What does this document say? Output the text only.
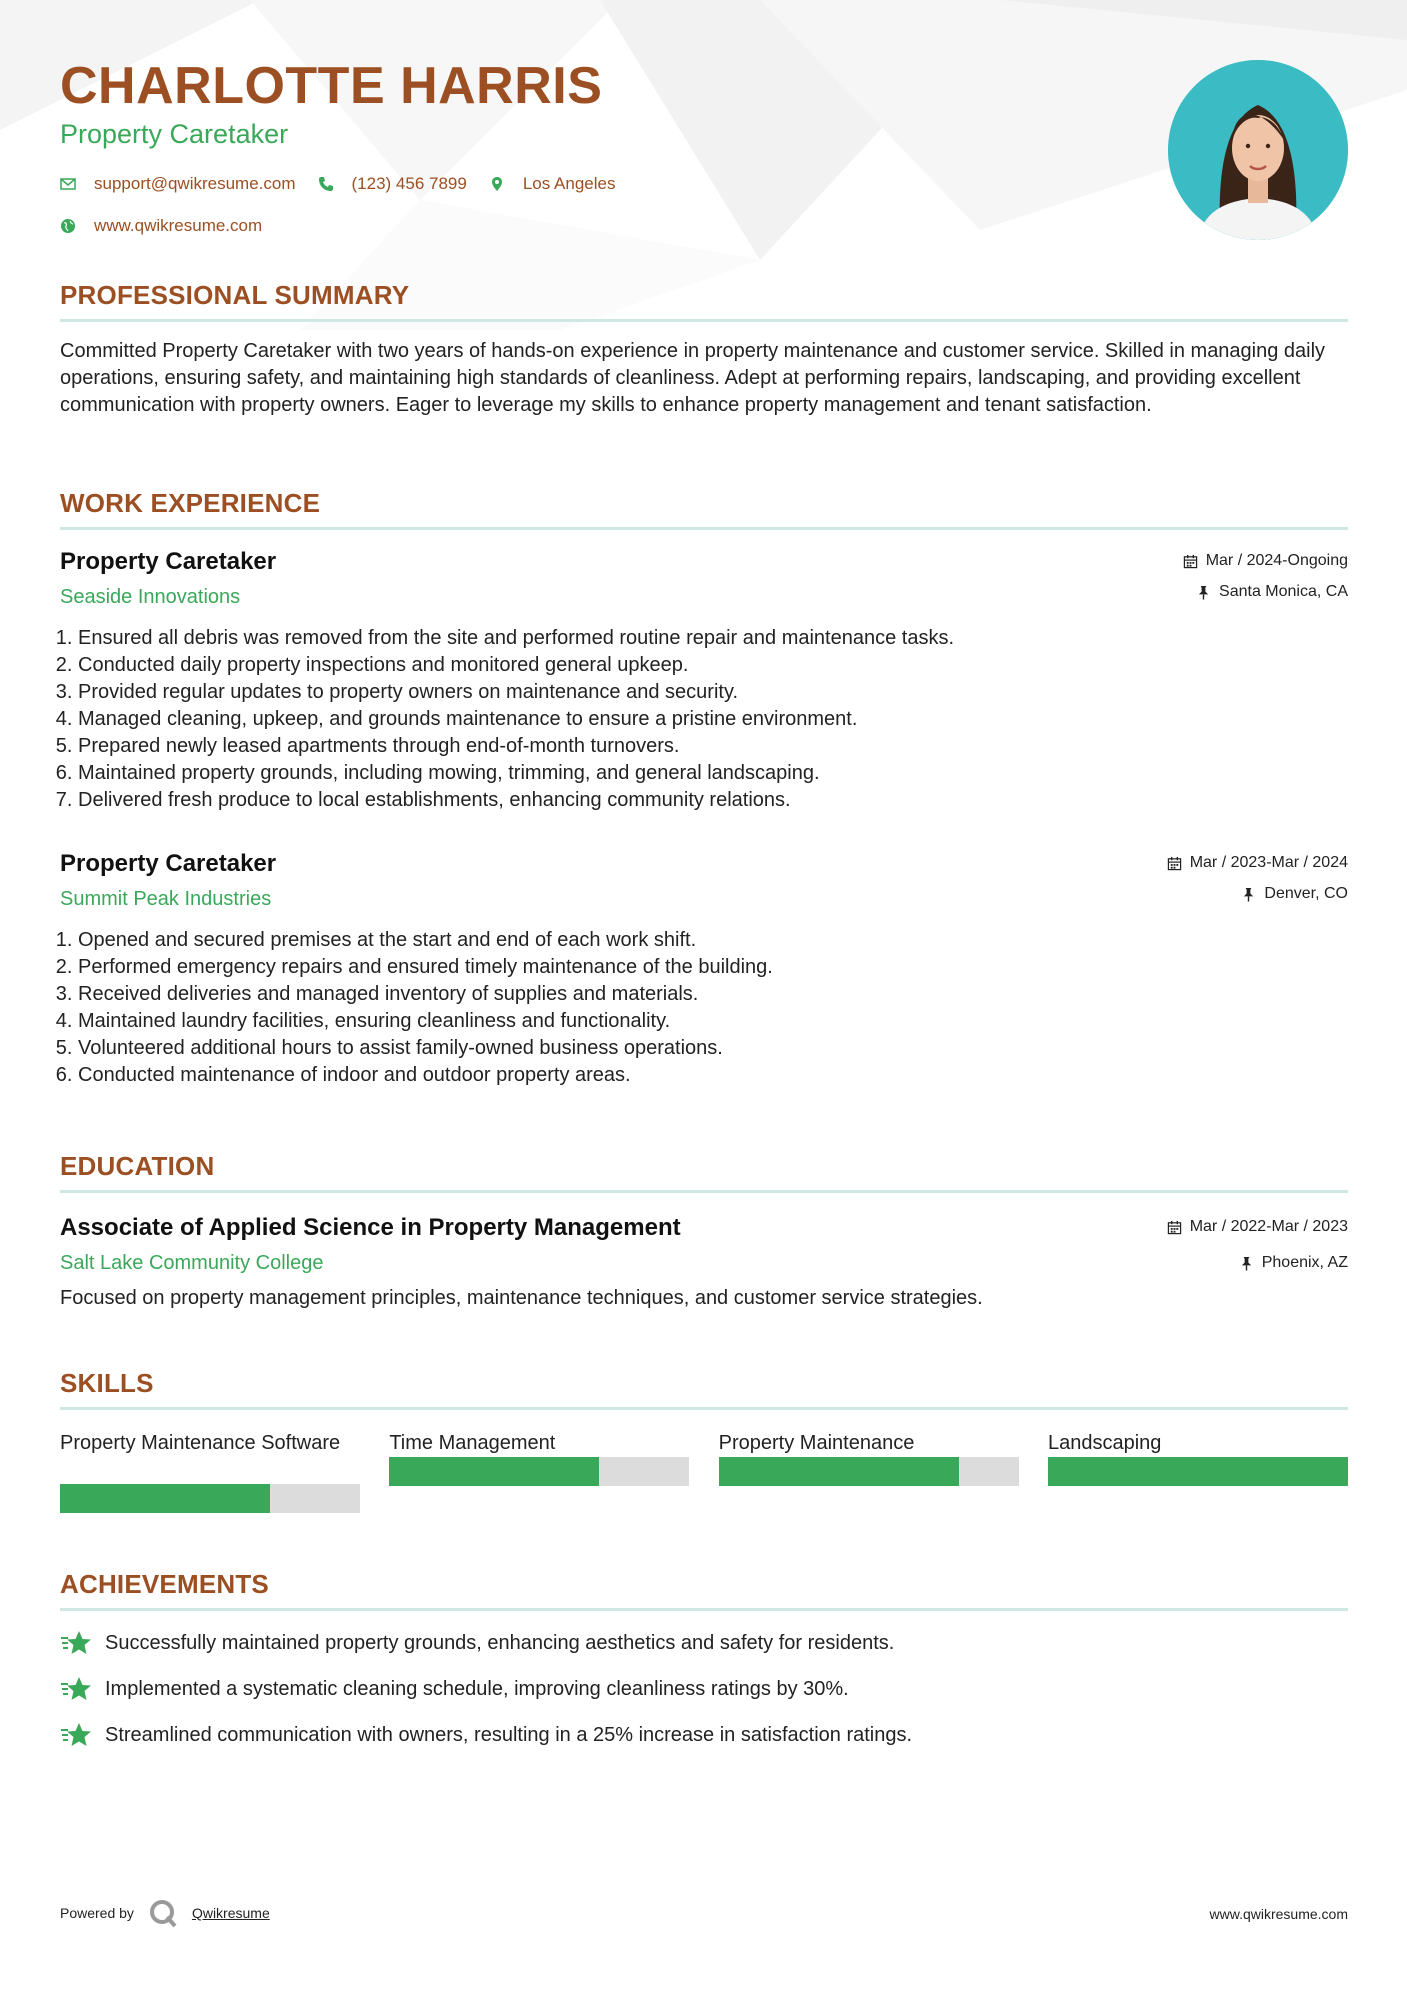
CHARLOTTE HARRIS
Property Caretaker
support@qwikresume.com	(123) 456 7899	Los Angeles
www.qwikresume.com
PROFESSIONAL SUMMARY

Committed Property Caretaker with two years of hands-on experience in property maintenance and customer service. Skilled in managing daily operations, ensuring safety, and maintaining high standards of cleanliness. Adept at performing repairs, landscaping, and providing excellent communication with property owners. Eager to leverage my skills to enhance property management and tenant satisfaction.

WORK EXPERIENCE
Property Caretaker
Seaside Innovations
Mar / 2024-Ongoing
Santa Monica, CA
1. Ensured all debris was removed from the site and performed routine repair and maintenance tasks.
2. Conducted daily property inspections and monitored general upkeep.
3. Provided regular updates to property owners on maintenance and security.
4. Managed cleaning, upkeep, and grounds maintenance to ensure a pristine environment.
5. Prepared newly leased apartments through end-of-month turnovers.
6. Maintained property grounds, including mowing, trimming, and general landscaping.
7. Delivered fresh produce to local establishments, enhancing community relations.
Property Caretaker
Summit Peak Industries
Mar / 2023-Mar / 2024
Denver, CO
1. Opened and secured premises at the start and end of each work shift.
2. Performed emergency repairs and ensured timely maintenance of the building.
3. Received deliveries and managed inventory of supplies and materials.
4. Maintained laundry facilities, ensuring cleanliness and functionality.
5. Volunteered additional hours to assist family-owned business operations.
6. Conducted maintenance of indoor and outdoor property areas.
EDUCATION
Associate of Applied Science in Property Management
Salt Lake Community College
Mar / 2022-Mar / 2023
Phoenix, AZ
Focused on property management principles, maintenance techniques, and customer service strategies.
SKILLS
Property Maintenance Software	Time Management	Property Maintenance	Landscaping
ACHIEVEMENTS
Successfully maintained property grounds, enhancing aesthetics and safety for residents.
Implemented a systematic cleaning schedule, improving cleanliness ratings by 30%.
Streamlined communication with owners, resulting in a 25% increase in satisfaction ratings.
Powered by	Qwikresume	www.qwikresume.com
